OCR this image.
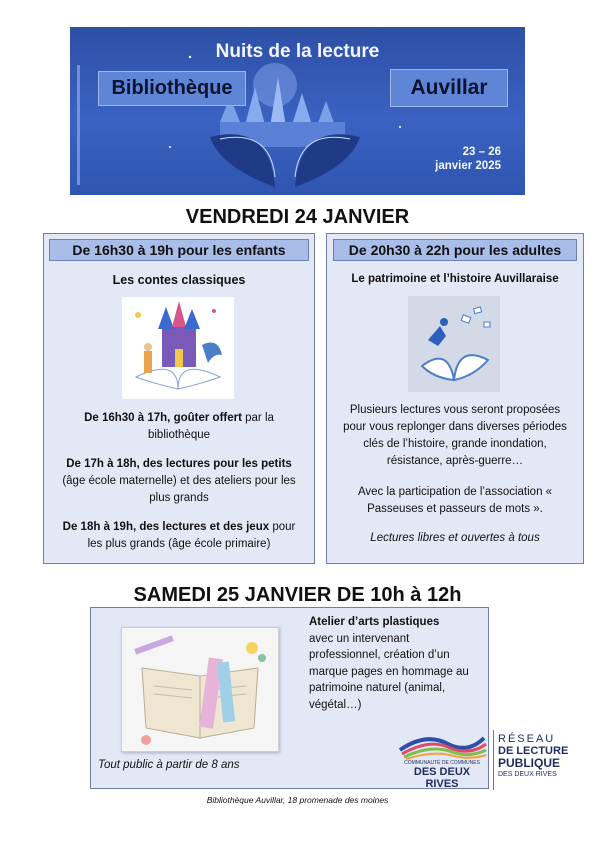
Nuits de la lecture
Bibliothèque	Auvillar
23 – 26
janvier 2025
VENDREDI 24 JANVIER
De 16h30 à 19h pour les enfants
Les contes classiques
De 16h30 à 17h, goûter offert par la bibliothèque
De 17h à 18h, des lectures pour les petits (âge école maternelle) et des ateliers pour les plus grands
De 18h à 19h, des lectures et des jeux pour les plus grands (âge école primaire)
De 20h30 à 22h pour les adultes
Le patrimoine et l’histoire Auvillaraise
Plusieurs lectures vous seront proposées pour vous replonger dans diverses périodes clés de l’histoire, grande inondation, résistance, après-guerre…
Avec la participation de l’association « Passeuses et passeurs de mots ».
Lectures libres et ouvertes à tous
SAMEDI 25 JANVIER DE 10h à 12h
Atelier d’arts plastiques
avec un intervenant professionnel, création d’un marque pages en hommage au patrimoine naturel (animal, végétal…)
Tout public à partir de 8 ans	COMMUNAUTÉ DE COMMUNES
DES DEUX RIVES
RÉSEAU
DE LECTURE
PUBLIQUE
DES DEUX RIVES
Bibliothèque Auvillar, 18 promenade des moines
